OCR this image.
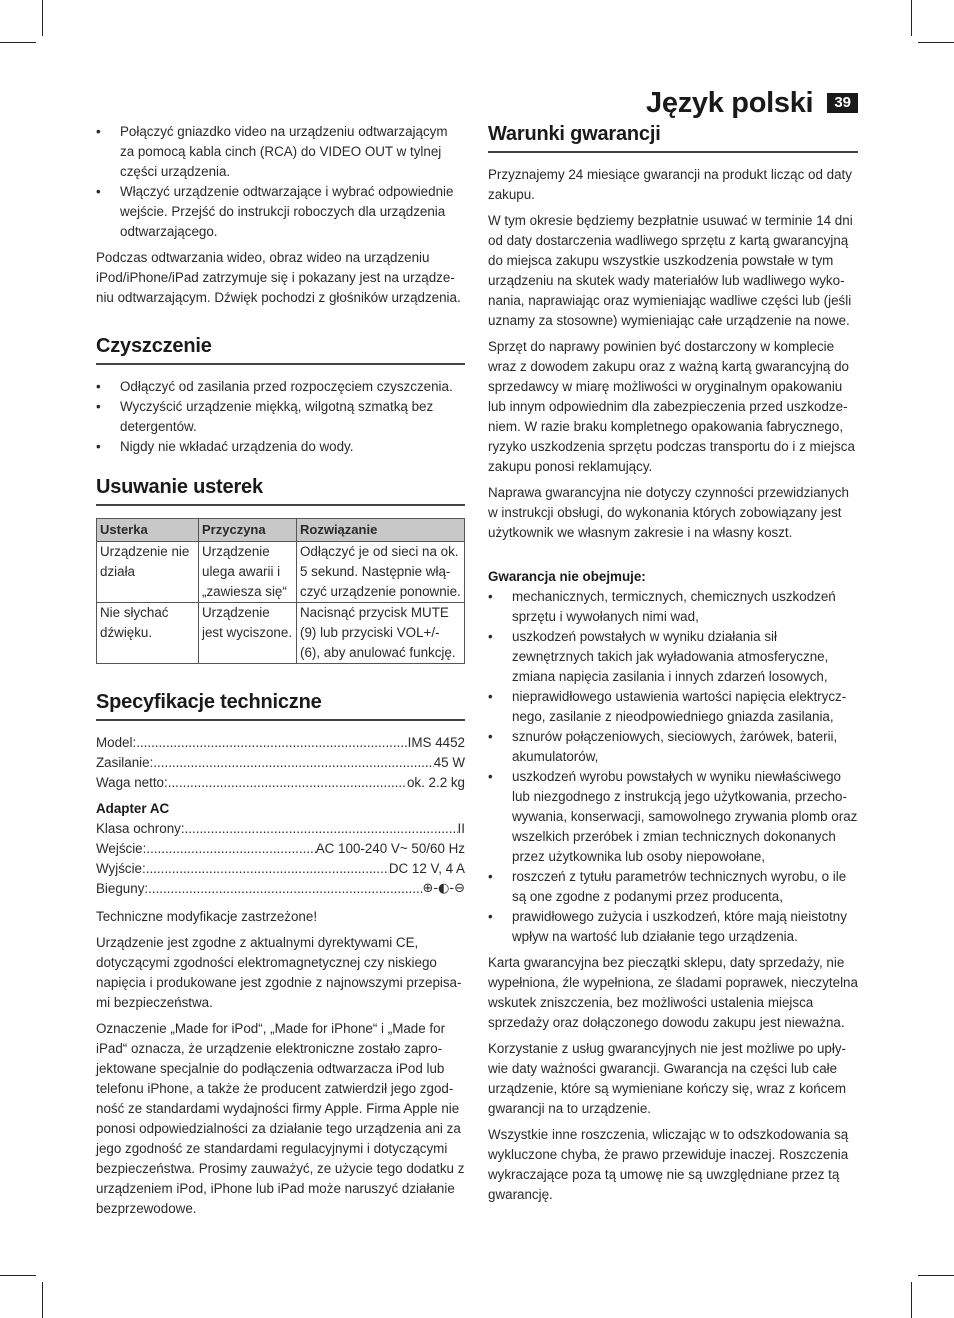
Język polski	39
• Połączyć gniazdko video na urządzeniu odtwarzającym za pomocą kabla cinch (RCA) do VIDEO OUT w tylnej części urządzenia.
• Włączyć urządzenie odtwarzające i wybrać odpowiednie wejście. Przejść do instrukcji roboczych dla urządzenia odtwarzającego.

Podczas odtwarzania wideo, obraz wideo na urządzeniu iPod/iPhone/iPad zatrzymuje się i pokazany jest na urządzeniu odtwarzającym. Dźwięk pochodzi z głośników urządzenia.

Czyszczenie
• Odłączyć od zasilania przed rozpoczęciem czyszczenia.
• Wyczyścić urządzenie miękką, wilgotną szmatką bez detergentów.
• Nigdy nie wkładać urządzenia do wody.
Usuwanie usterek
Usterka	Przyczyna	Rozwiązanie
Urządzenie nie działa	Urządzenie ulega awarii i „zawiesza się“	Odłączyć je od sieci na ok. 5 sekund. Następnie włączyć urządzenie ponownie.
Nie słychać dźwięku.	Urządzenie jest wyciszone.	Nacisnąć przycisk MUTE (9) lub przyciski VOL+/- (6), aby anulować funkcję.
Specyfikacje techniczne
Model: .....	IMS 4452
Zasilanie: .....	45 W
Waga netto: .....	ok. 2.2 kg
Adapter AC
Klasa ochrony: .....	II
Wejście: .....	AC 100-240 V~ 50/60 Hz
Wyjście: .....	DC 12 V, 4 A
Bieguny: .....	⊕-◐-⊖

Techniczne modyfikacje zastrzeżone!

Urządzenie jest zgodne z aktualnymi dyrektywami CE, dotyczącymi zgodności elektromagnetycznej czy niskiego napięcia i produkowane jest zgodnie z najnowszymi przepisami bezpieczeństwa.

Oznaczenie „Made for iPod“, „Made for iPhone“ i „Made for iPad“ oznacza, że urządzenie elektroniczne zostało zaprojektowane specjalnie do podłączenia odtwarzacza iPod lub telefonu iPhone, a także że producent zatwierdził jego zgodność ze standardami wydajności firmy Apple. Firma Apple nie ponosi odpowiedzialności za działanie tego urządzenia ani za jego zgodność ze standardami regulacyjnymi i dotyczącymi bezpieczeństwa. Prosimy zauważyć, ze użycie tego dodatku z urządzeniem iPod, iPhone lub iPad może naruszyć działanie bezprzewodowe.

Warunki gwarancji

Przyznajemy 24 miesiące gwarancji na produkt licząc od daty zakupu.

W tym okresie będziemy bezpłatnie usuwać w terminie 14 dni od daty dostarczenia wadliwego sprzętu z kartą gwarancyjną do miejsca zakupu wszystkie uszkodzenia powstałe w tym urządzeniu na skutek wady materiałów lub wadliwego wykonania, naprawiając oraz wymieniając wadliwe części lub (jeśli uznamy za stosowne) wymieniając całe urządzenie na nowe.

Sprzęt do naprawy powinien być dostarczony w komplecie wraz z dowodem zakupu oraz z ważną kartą gwarancyjną do sprzedawcy w miarę możliwości w oryginalnym opakowaniu lub innym odpowiednim dla zabezpieczenia przed uszkodzeniem. W razie braku kompletnego opakowania fabrycznego, ryzyko uszkodzenia sprzętu podczas transportu do i z miejsca zakupu ponosi reklamujący.

Naprawa gwarancyjna nie dotyczy czynności przewidzianych w instrukcji obsługi, do wykonania których zobowiązany jest użytkownik we własnym zakresie i na własny koszt.

Gwarancja nie obejmuje:
• mechanicznych, termicznych, chemicznych uszkodzeń sprzętu i wywołanych nimi wad,
• uszkodzeń powstałych w wyniku działania sił zewnętrznych takich jak wyładowania atmosferyczne, zmiana napięcia zasilania i innych zdarzeń losowych,
• nieprawidłowego ustawienia wartości napięcia elektrycznego, zasilanie z nieodpowiedniego gniazda zasilania,
• sznurów połączeniowych, sieciowych, żarówek, baterii, akumulatorów,
• uszkodzeń wyrobu powstałych w wyniku niewłaściwego lub niezgodnego z instrukcją jego użytkowania, przechowywania, konserwacji, samowolnego zrywania plomb oraz wszelkich przeróbek i zmian technicznych dokonanych przez użytkownika lub osoby niepowołane,
• roszczeń z tytułu parametrów technicznych wyrobu, o ile są one zgodne z podanymi przez producenta,
• prawidłowego zużycia i uszkodzeń, które mają nieistotny wpływ na wartość lub działanie tego urządzenia.

Karta gwarancyjna bez pieczątki sklepu, daty sprzedaży, nie wypełniona, źle wypełniona, ze śladami poprawek, nieczytelna wskutek zniszczenia, bez możliwości ustalenia miejsca sprzedaży oraz dołączonego dowodu zakupu jest nieważna.

Korzystanie z usług gwarancyjnych nie jest możliwe po upływie daty ważności gwarancji. Gwarancja na części lub całe urządzenie, które są wymieniane kończy się, wraz z końcem gwarancji na to urządzenie.

Wszystkie inne roszczenia, wliczając w to odszkodowania są wykluczone chyba, że prawo przewiduje inaczej. Roszczenia wykraczające poza tą umowę nie są uwzględniane przez tą gwarancję.
